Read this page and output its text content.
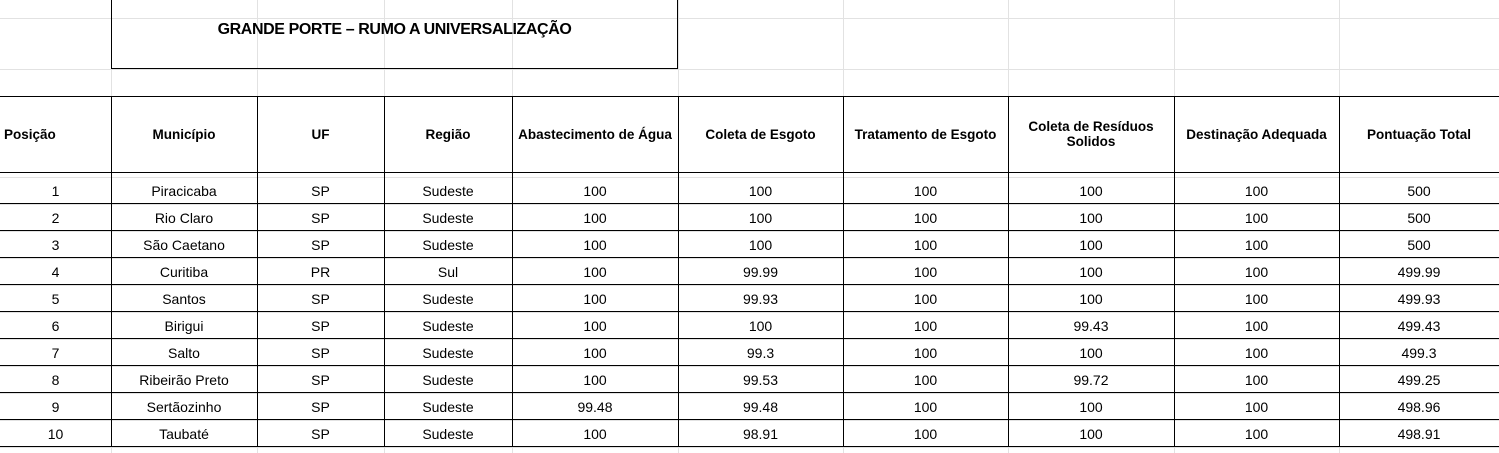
GRANDE PORTE – RUMO A UNIVERSALIZAÇÃO
Posição	Município	UF	Região	Abastecimento de Água	Coleta de Esgoto	Tratamento de Esgoto	Coleta de Resíduos Solidos	Destinação Adequada	Pontuação Total
1	Piracicaba	SP	Sudeste	100	100	100	100	100	500
2	Rio Claro	SP	Sudeste	100	100	100	100	100	500
3	São Caetano	SP	Sudeste	100	100	100	100	100	500
4	Curitiba	PR	Sul	100	99.99	100	100	100	499.99
5	Santos	SP	Sudeste	100	99.93	100	100	100	499.93
6	Birigui	SP	Sudeste	100	100	100	99.43	100	499.43
7	Salto	SP	Sudeste	100	99.3	100	100	100	499.3
8	Ribeirão Preto	SP	Sudeste	100	99.53	100	99.72	100	499.25
9	Sertãozinho	SP	Sudeste	99.48	99.48	100	100	100	498.96
10	Taubaté	SP	Sudeste	100	98.91	100	100	100	498.91
